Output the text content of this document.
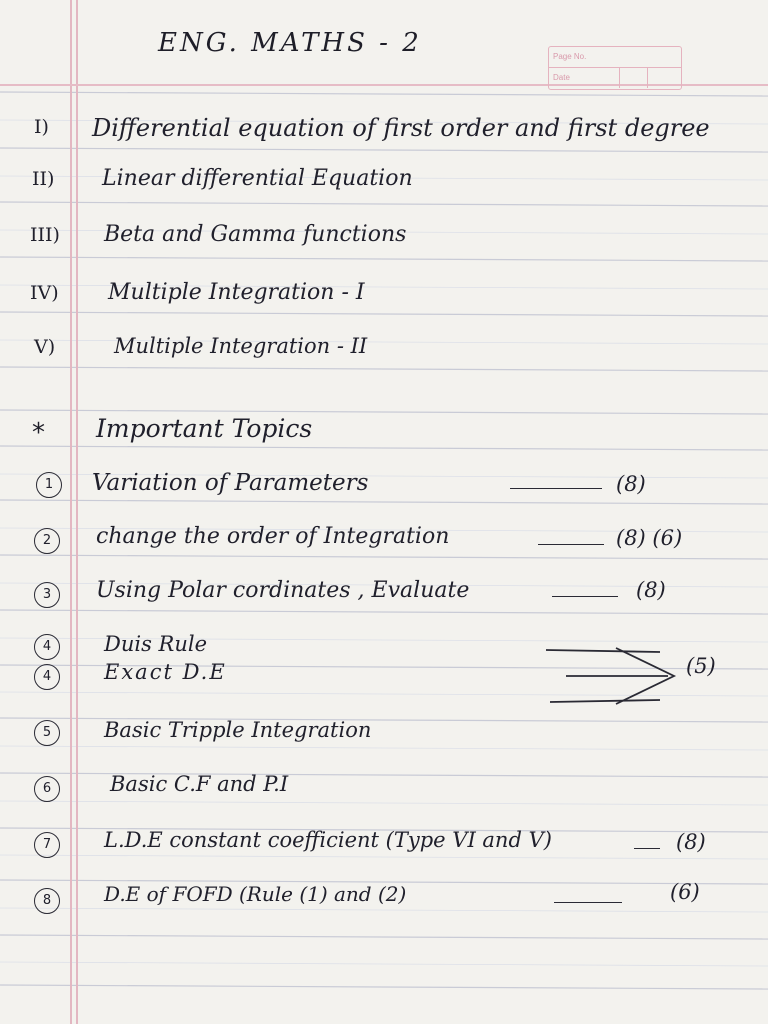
ENG. MATHS - 2	Page No.
Date
I) Differential equation of first order and first degree
II) Linear differential Equation
III) Beta and Gamma functions
IV) Multiple Integration - I
V)	Multiple Integration - II
* Important Topics
1	Variation of Parameters	(8)
2	change the order of Integration	(8) (6)
3	Using Polar cordinates , Evaluate	(8)
4	Duis Rule
4	Exact D.E	(5)
5	Basic Tripple Integration
6	Basic C.F and P.I
7	L.D.E constant coefficient (Type VI and V)	(8)
8	D.E of FOFD (Rule (1) and (2)	(6)
